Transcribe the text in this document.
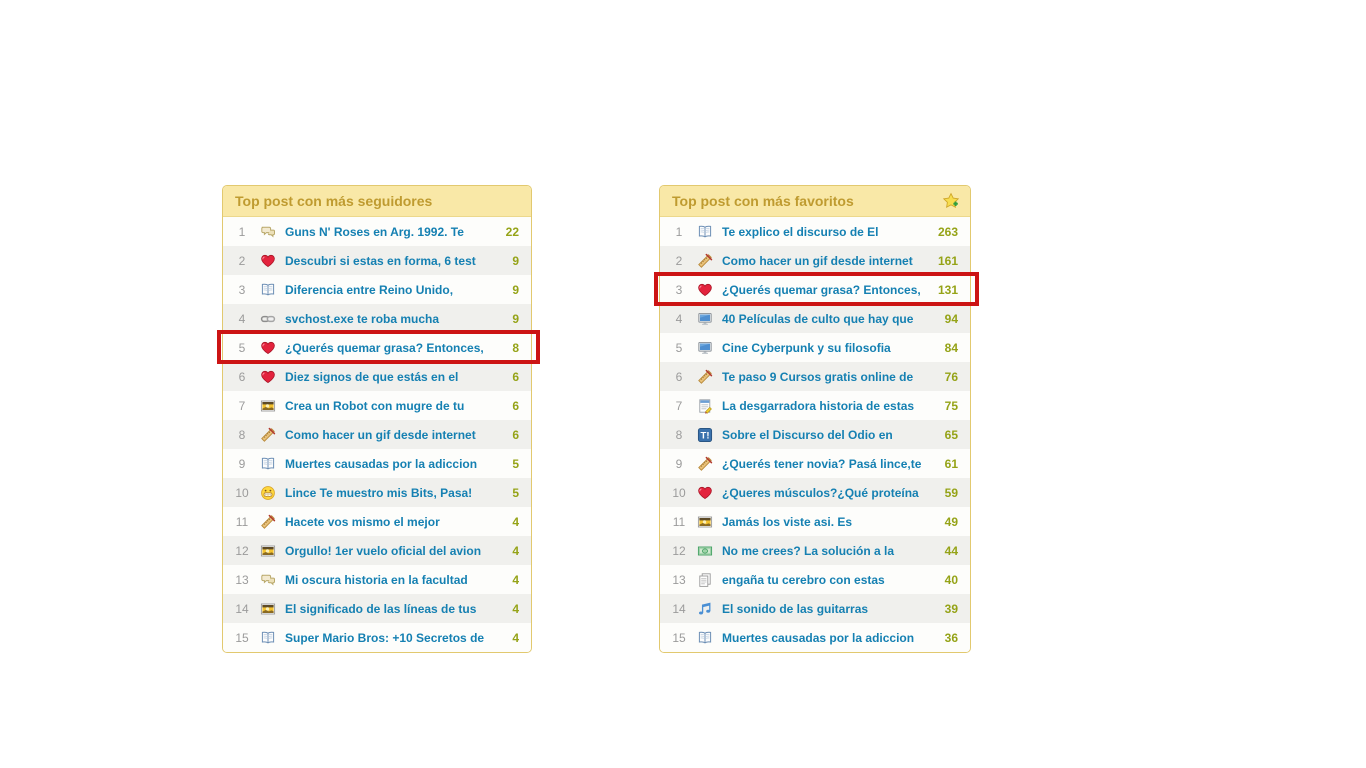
Top post con más seguidores
1	Guns N' Roses en Arg. 1992. Te	22
2	Descubri si estas en forma, 6 test	9
3	Diferencia entre Reino Unido,	9
4	svchost.exe te roba mucha	9
5	¿Querés quemar grasa? Entonces,	8
6	Diez signos de que estás en el	6
7	Crea un Robot con mugre de tu	6
8	Como hacer un gif desde internet	6
9	Muertes causadas por la adiccion	5
10	Lince Te muestro mis Bits, Pasa!	5
11	Hacete vos mismo el mejor	4
12	Orgullo! 1er vuelo oficial del avion	4
13	Mi oscura historia en la facultad	4
14	El significado de las líneas de tus	4
15	Super Mario Bros: +10 Secretos de	4
Top post con más favoritos
1	Te explico el discurso de El	263
2	Como hacer un gif desde internet	161
3	¿Querés quemar grasa? Entonces,	131
4	40 Películas de culto que hay que	94
5	Cine Cyberpunk y su filosofia	84
6	Te paso 9 Cursos gratis online de	76
7	La desgarradora historia de estas	75
8	Sobre el Discurso del Odio en	65
9	¿Querés tener novia? Pasá lince,te	61
10	¿Queres músculos?¿Qué proteína	59
11	Jamás los viste asi. Es	49
12	No me crees? La solución a la	44
13	engaña tu cerebro con estas	40
14	El sonido de las guitarras	39
15	Muertes causadas por la adiccion	36
